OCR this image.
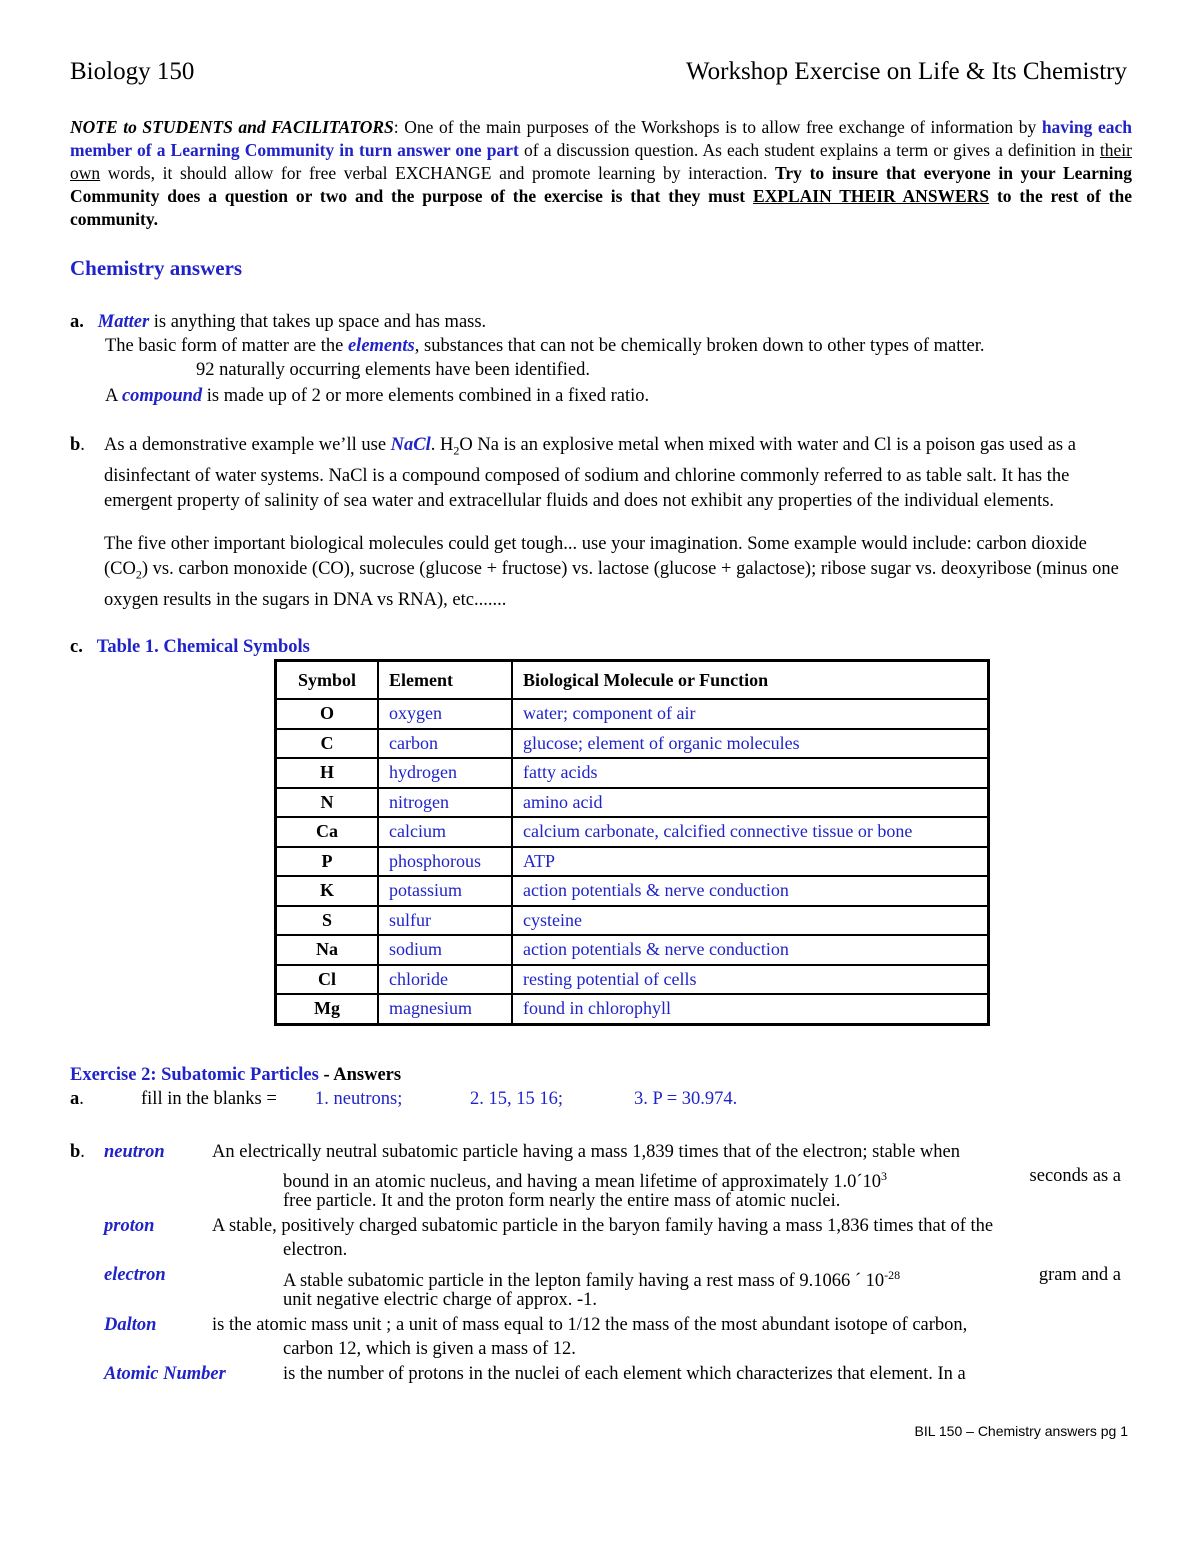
Biology 150	Workshop Exercise on Life & Its Chemistry
NOTE to STUDENTS and FACILITATORS: One of the main purposes of the Workshops is to allow free exchange of information by having each member of a Learning Community in turn answer one part of a discussion question. As each student explains a term or gives a definition in their own words, it should allow for free verbal EXCHANGE and promote learning by interaction. Try to insure that everyone in your Learning Community does a question or two and the purpose of the exercise is that they must EXPLAIN THEIR ANSWERS to the rest of the community.
Chemistry answers
a. Matter is anything that takes up space and has mass.
The basic form of matter are the elements, substances that can not be chemically broken down to other types of matter.
92 naturally occurring elements have been identified.
A compound is made up of 2 or more elements combined in a fixed ratio.
b. As a demonstrative example we’ll use NaCl. $H_2O$ Na is an explosive metal when mixed with water and Cl is a poison gas used as a disinfectant of water systems. NaCl is a compound composed of sodium and chlorine commonly referred to as table salt. It has the emergent property of salinity of sea water and extracellular fluids and does not exhibit any properties of the individual elements.
The five other important biological molecules could get tough... use your imagination. Some example would include: carbon dioxide $(CO_2)$ vs. carbon monoxide (CO), sucrose (glucose + fructose) vs. lactose (glucose + galactose); ribose sugar vs. deoxyribose (minus one oxygen results in the sugars in DNA vs RNA), etc.......
c. Table 1. Chemical Symbols
Symbol	Element	Biological Molecule or Function
O	oxygen	water; component of air
C	carbon	glucose; element of organic molecules
H	hydrogen	fatty acids
N	nitrogen	amino acid
Ca	calcium	calcium carbonate, calcified connective tissue or bone
P	phosphorous	ATP
K	potassium	action potentials & nerve conduction
S	sulfur	cysteine
Na	sodium	action potentials & nerve conduction
Cl	chloride	resting potential of cells
Mg	magnesium	found in chlorophyll
Exercise 2: Subatomic Particles - Answers
a.	fill in the blanks = 1. neutrons;	2. 15, 15 16;	3. P = 30.974.
b. neutron	An electrically neutral subatomic particle having a mass 1,839 times that of the electron; stable when
bound in an atomic nucleus, and having a mean lifetime of approximately $1.0´10^3$	seconds as a
free particle. It and the proton form nearly the entire mass of atomic nuclei.
proton	A stable, positively charged subatomic particle in the baryon family having a mass 1,836 times that of the
electron.
electron	A stable subatomic particle in the lepton family having a rest mass of 9.1066 ´ $10^{-28}$	gram and a
unit negative electric charge of approx. -1.
Dalton	is the atomic mass unit ; a unit of mass equal to 1/12 the mass of the most abundant isotope of carbon,
carbon 12, which is given a mass of 12.
Atomic Number	is the number of protons in the nuclei of each element which characterizes that element. In a
BIL 150 – Chemistry answers pg 1
